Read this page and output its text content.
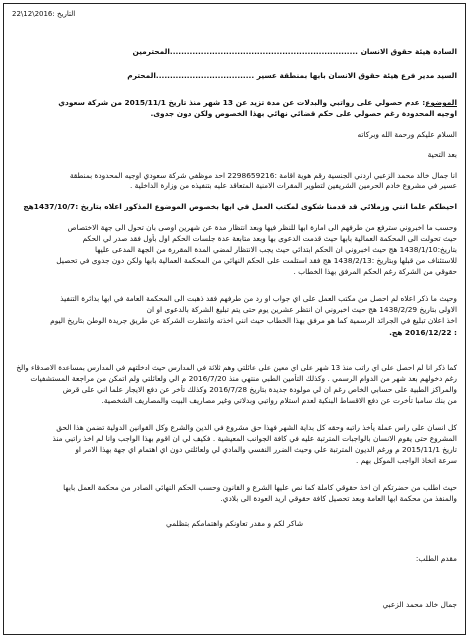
التاريخ :2016\12\22
السادة هيئة حقوق الانسان ...................................................................المحترمين
السيد مدير فرع هيئة حقوق الانسان بابها بمنطقة عسير ...................................المحترم
الموضوع: عدم حصولي على رواتبي والبدلات عن مدة تزيد عن 13 شهر منذ تاريخ 2015/11/1 من شركة سعودي
اوجيه المحدودة رغم حصولي على حكم قضائي نهائي بهذا الخصوص ولكن دون جدوى.
السلام عليكم ورحمة الله وبركاته
بعد التحية
انا جمال خالد محمد الزعبي اردني الجنسية رقم هوية اقامة :2298659216 احد موظفي شركة سعودي اوجيه المحدودة بمنطقة
عسير في مشروع خادم الحرمين الشريفين لتطوير المقرات الامنية المتعاقد عليه بتنفيذه من وزارة الداخلية .
احيطكم علما انني وزملائي قد قدمنا شكوى لمكتب العمل في ابها بخصوص الموضوع المذكور اعلاه بتاريخ :1437/10/7هج
وحسب ما اخبروني سترفع من طرفهم الى امارة ابها للنظر فيها وبعد انتظار مدة عن شهرين اوصى بان تحول الى جهة الاختصاص
حيث تحولت الى المحكمة العمالية بابها حيث قدمت الدعوى بها وبعد متابعة عدة جلسات الحكم اول بأول فقد صدر لي الحكم
بتاريخ:1438/1/10 هج حيث اخبروني ان الحكم ابتدائي حيث يجب الانتظار لمضي المدة المقررة من الجهة المدعى عليها
للاستئناف من قبلها وبتاريخ :1438/2/13 هج فقد استلمت على الحكم النهائي من المحكمة العمالية بابها ولكن دون جدوى في تحصيل
حقوقي من الشركة رغم الحكم المرفق بهذا الخطاب .
وحيث ما ذكر اعلاه لم احصل من مكتب العمل على اي جواب او رد من طرفهم فقد ذهبت الى المحكمة العامة في ابها بدائرة التنفيذ
الاولى بتاريخ 1438/2/29 هج حيث اخبروني ان انتظر عشرين يوم حتى يتم تبليغ الشركة بالدعوى او ان
اخذ اعلان تبليغ في الجرائد الرسمية كما هو مرفق بهذا الخطاب حيث انني اخذته وانتظرت الشركة عن طريق جريدة الوطن بتاريخ اليوم
: 2016/12/22 هج.
كما ذكر انا لم احصل على اي راتب منذ 13 شهر على اي معين على عائلتي وهم ثلاثة في المدارس حيث ادخلتهم في المدارس بمساعدة الاصدقاء والخ
رغم دخولهم بعد شهر من الدوام الرسمي . وكذلك التأمين الطبي منتهي منذ 2016/7/20 م الي ولعائلتي ولم اتمكن من مراجعة المستشفيات
والمراكز الطبية على حسابي الخاص رغم ان لي مولودة جديدة بتاريخ 2016/7/28 وكذلك تأخر عن دفع الايجار علما اني على قرض
من بنك سامبا تأخرت عن دفع الاقساط البنكية لعدم استلام رواتبي وبدلاتي وغير مصاريف البيت والمصاريف الشخصية.
كل انسان على راس عملة يأخذ راتبه وحقه كل بداية الشهر فهذا حق مشروع في الدين والشرع وكل القوانين الدولية تضمن هذا الحق
المشروع حتى يقوم الانسان بالواجبات المترتبة عليه في كافة الجوانب المعيشية . فكيف لي ان اقوم بهذا الواجب وانا لم اخذ راتبي منذ
تاريخ 2015/11/1 م ورغم الديون المترتبة علي وحيث الضرر النفسي والمادي لي ولعائلتي دون اي اهتمام اي جهة بهذا الامر او
سرعة اتخاذ الواجب الموكل بهم .
حيث اطلب من حضرتكم ان اخذ حقوقي كاملة كما نص عليها الشرع و القانون وحسب الحكم النهائي الصادر من محكمة العمل بابها
والمنفذ من محكمة ابها العامة وبعد تحصيل كافة حقوقي اريد العودة الى بلادي.
شاكر لكم و مقدر تعاونكم واهتمامكم بتظلمي
مقدم الطلب:
جمال خالد محمد الزعبي
